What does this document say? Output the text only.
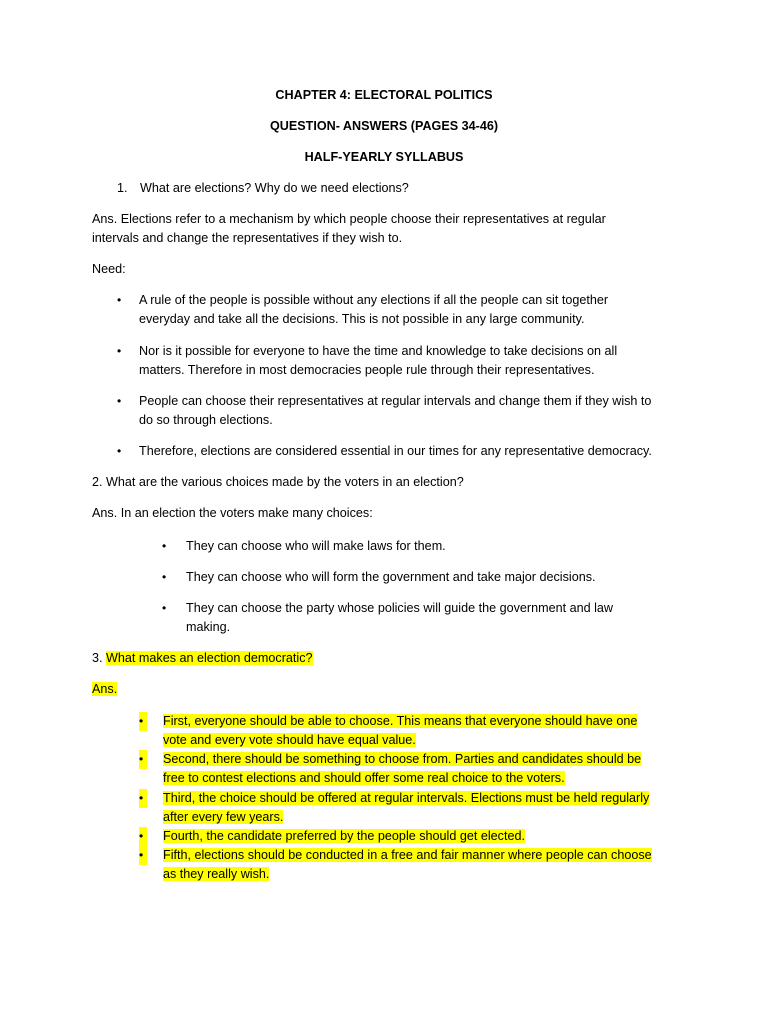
CHAPTER 4: ELECTORAL POLITICS
QUESTION- ANSWERS (PAGES 34-46)
HALF-YEARLY SYLLABUS
1. What are elections? Why do we need elections?
Ans. Elections refer to a mechanism by which people choose their representatives at regular
intervals and change the representatives if they wish to.
Need:
• A rule of the people is possible without any elections if all the people can sit together
everyday and take all the decisions. This is not possible in any large community.
• Nor is it possible for everyone to have the time and knowledge to take decisions on all
matters. Therefore in most democracies people rule through their representatives.
• People can choose their representatives at regular intervals and change them if they wish to
do so through elections.
• Therefore, elections are considered essential in our times for any representative democracy.
2. What are the various choices made by the voters in an election?
Ans. In an election the voters make many choices:
• They can choose who will make laws for them.
• They can choose who will form the government and take major decisions.
• They can choose the party whose policies will guide the government and law
making.
3. What makes an election democratic?
Ans.
•	First, everyone should be able to choose. This means that everyone should have one
vote and every vote should have equal value.
•	Second, there should be something to choose from. Parties and candidates should be
free to contest elections and should offer some real choice to the voters.
•	Third, the choice should be offered at regular intervals. Elections must be held regularly
after every few years.
•	Fourth, the candidate preferred by the people should get elected.
•	Fifth, elections should be conducted in a free and fair manner where people can choose
as they really wish.
